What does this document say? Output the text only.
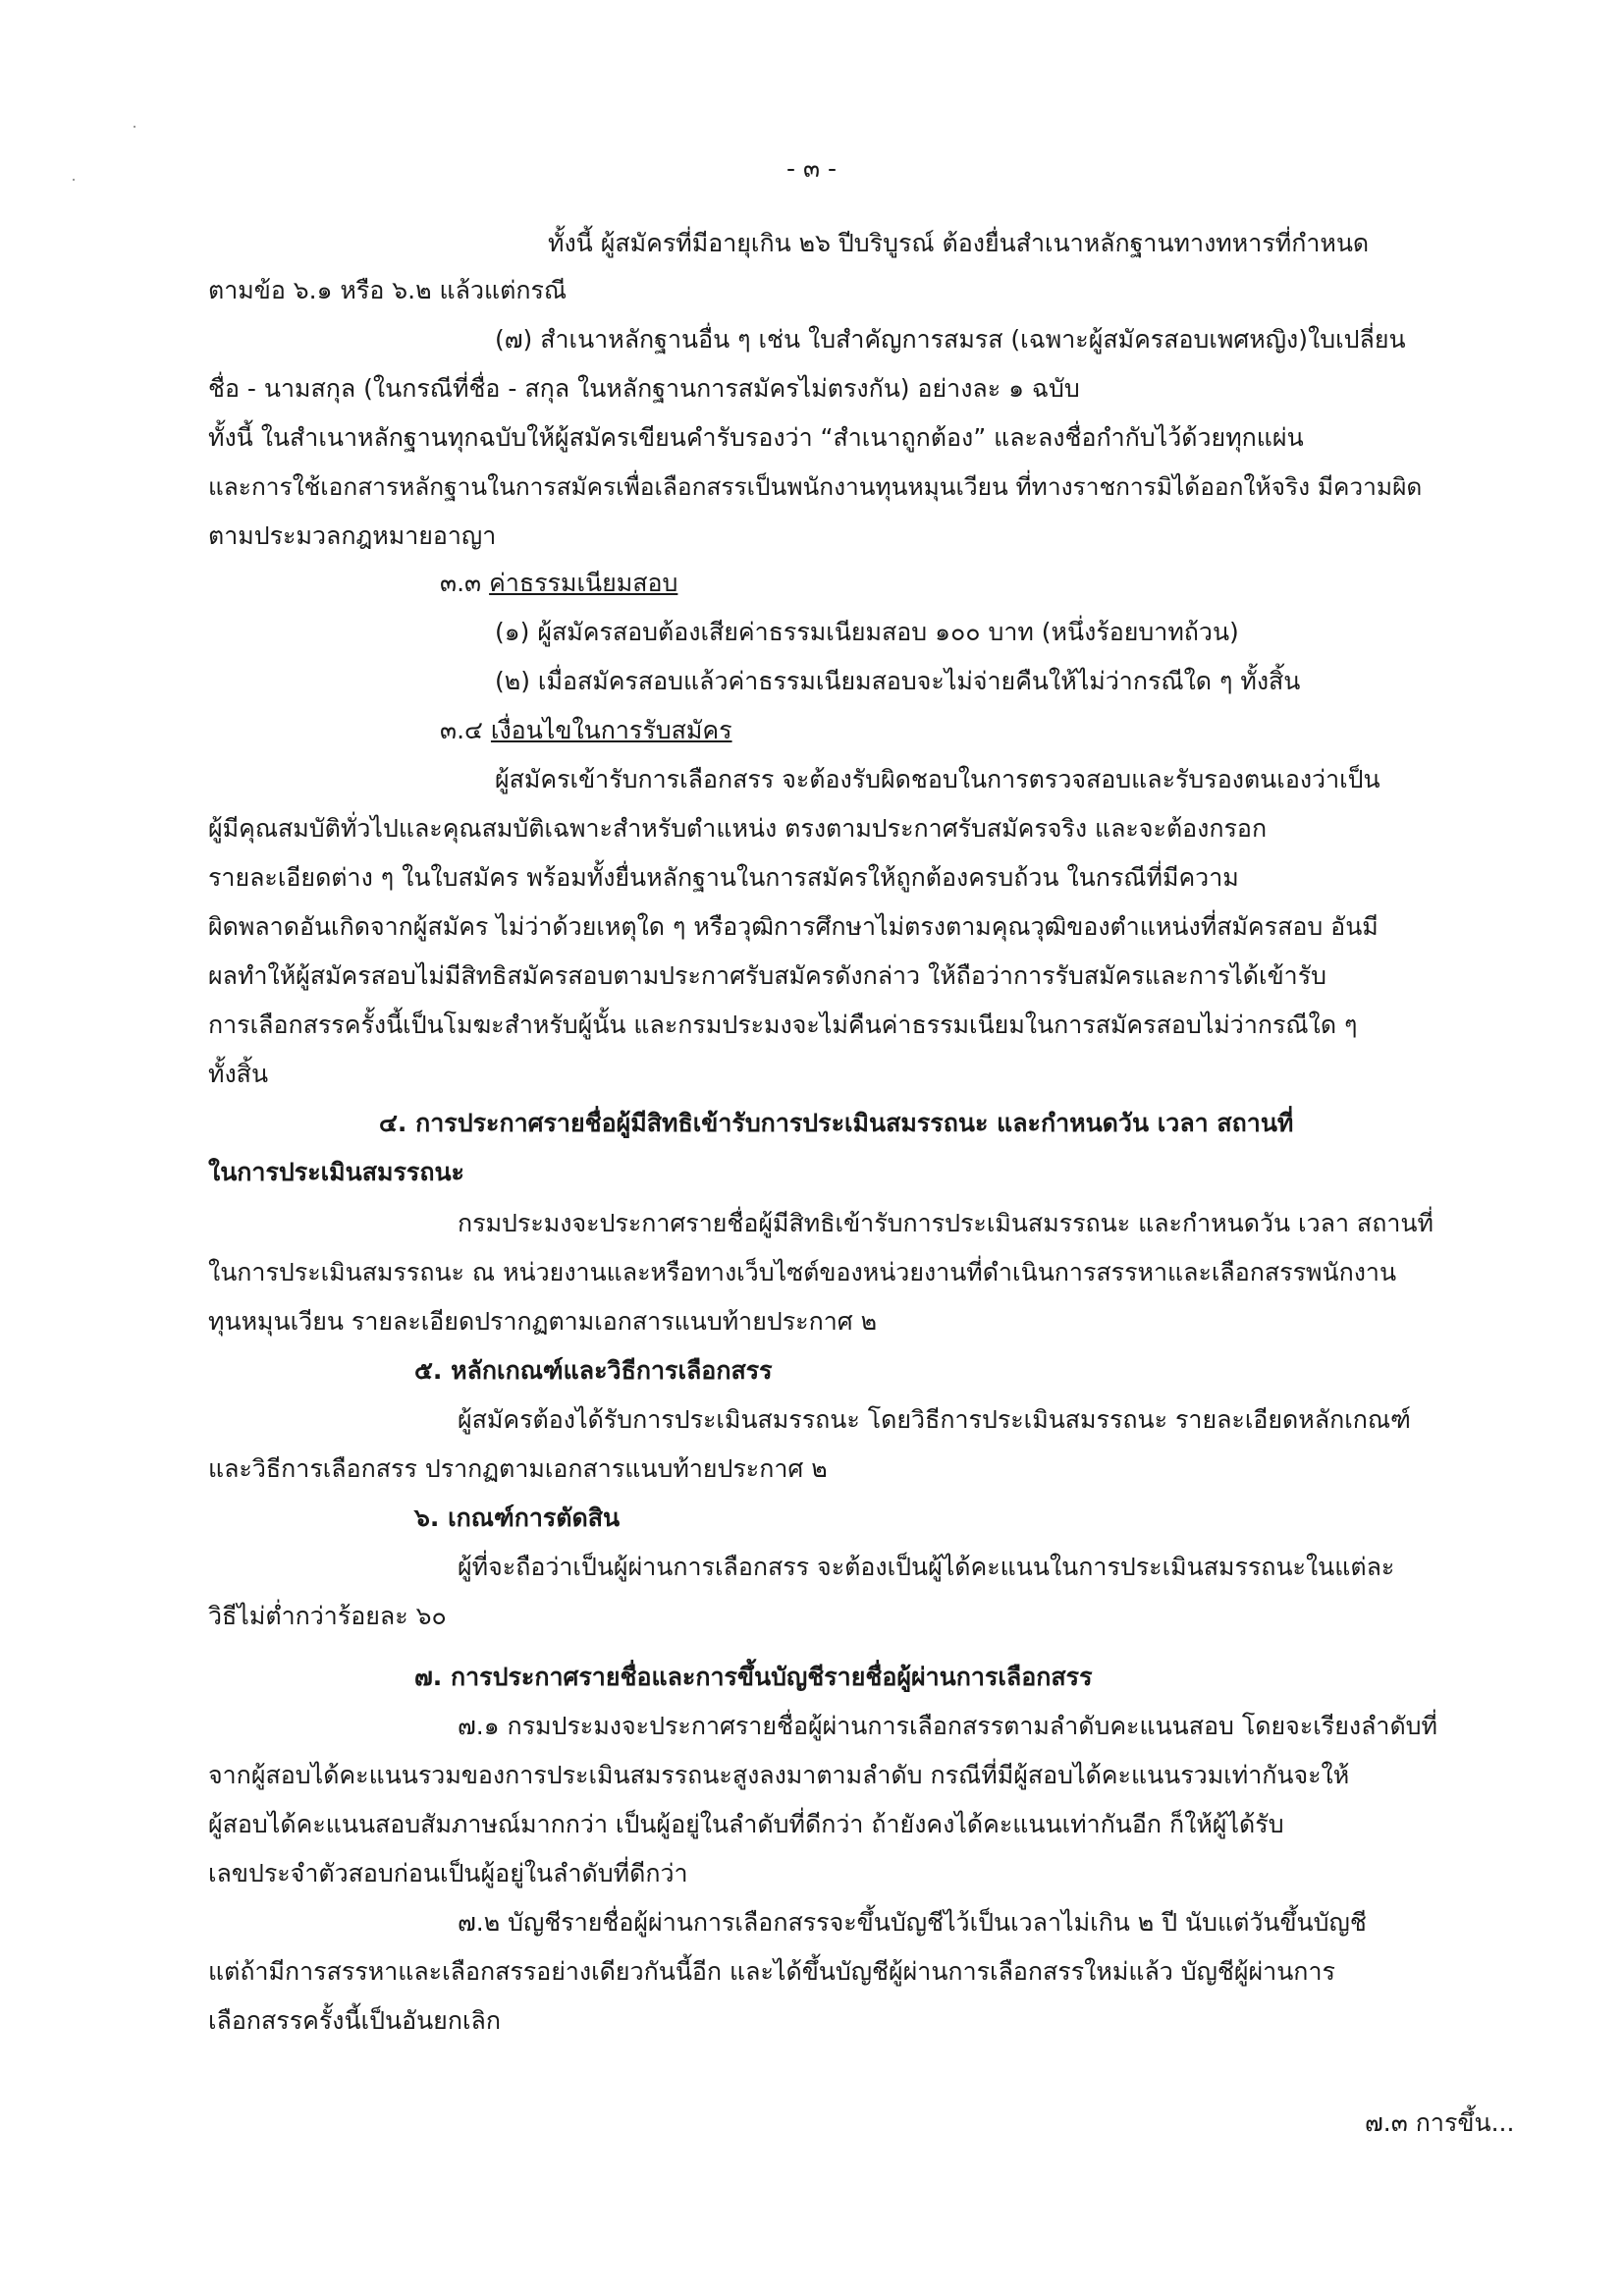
- ๓ -
ทั้งนี้ ผู้สมัครที่มีอายุเกิน ๒๖ ปีบริบูรณ์ ต้องยื่นสำเนาหลักฐานทางทหารที่กำหนด
ตามข้อ ๖.๑ หรือ ๖.๒ แล้วแต่กรณี
(๗) สำเนาหลักฐานอื่น ๆ เช่น ใบสำคัญการสมรส (เฉพาะผู้สมัครสอบเพศหญิง)ใบเปลี่ยน
ชื่อ - นามสกุล (ในกรณีที่ชื่อ - สกุล ในหลักฐานการสมัครไม่ตรงกัน) อย่างละ ๑ ฉบับ
ทั้งนี้ ในสำเนาหลักฐานทุกฉบับให้ผู้สมัครเขียนคำรับรองว่า “สำเนาถูกต้อง” และลงชื่อกำกับไว้ด้วยทุกแผ่น
และการใช้เอกสารหลักฐานในการสมัครเพื่อเลือกสรรเป็นพนักงานทุนหมุนเวียน ที่ทางราชการมิได้ออกให้จริง มีความผิด
ตามประมวลกฎหมายอาญา
๓.๓ ค่าธรรมเนียมสอบ
(๑) ผู้สมัครสอบต้องเสียค่าธรรมเนียมสอบ ๑๐๐ บาท (หนึ่งร้อยบาทถ้วน)
(๒) เมื่อสมัครสอบแล้วค่าธรรมเนียมสอบจะไม่จ่ายคืนให้ไม่ว่ากรณีใด ๆ ทั้งสิ้น
๓.๔ เงื่อนไขในการรับสมัคร
ผู้สมัครเข้ารับการเลือกสรร จะต้องรับผิดชอบในการตรวจสอบและรับรองตนเองว่าเป็น
ผู้มีคุณสมบัติทั่วไปและคุณสมบัติเฉพาะสำหรับตำแหน่ง ตรงตามประกาศรับสมัครจริง และจะต้องกรอก
รายละเอียดต่าง ๆ ในใบสมัคร พร้อมทั้งยื่นหลักฐานในการสมัครให้ถูกต้องครบถ้วน ในกรณีที่มีความ
ผิดพลาดอันเกิดจากผู้สมัคร ไม่ว่าด้วยเหตุใด ๆ หรือวุฒิการศึกษาไม่ตรงตามคุณวุฒิของตำแหน่งที่สมัครสอบ อันมี
ผลทำให้ผู้สมัครสอบไม่มีสิทธิสมัครสอบตามประกาศรับสมัครดังกล่าว ให้ถือว่าการรับสมัครและการได้เข้ารับ
การเลือกสรรครั้งนี้เป็นโมฆะสำหรับผู้นั้น และกรมประมงจะไม่คืนค่าธรรมเนียมในการสมัครสอบไม่ว่ากรณีใด ๆ
ทั้งสิ้น
๔. การประกาศรายชื่อผู้มีสิทธิเข้ารับการประเมินสมรรถนะ และกำหนดวัน เวลา สถานที่
ในการประเมินสมรรถนะ
กรมประมงจะประกาศรายชื่อผู้มีสิทธิเข้ารับการประเมินสมรรถนะ และกำหนดวัน เวลา สถานที่
ในการประเมินสมรรถนะ ณ หน่วยงานและหรือทางเว็บไซต์ของหน่วยงานที่ดำเนินการสรรหาและเลือกสรรพนักงาน
ทุนหมุนเวียน รายละเอียดปรากฏตามเอกสารแนบท้ายประกาศ ๒
๕. หลักเกณฑ์และวิธีการเลือกสรร
ผู้สมัครต้องได้รับการประเมินสมรรถนะ โดยวิธีการประเมินสมรรถนะ รายละเอียดหลักเกณฑ์
และวิธีการเลือกสรร ปรากฏตามเอกสารแนบท้ายประกาศ ๒
๖. เกณฑ์การตัดสิน
ผู้ที่จะถือว่าเป็นผู้ผ่านการเลือกสรร จะต้องเป็นผู้ได้คะแนนในการประเมินสมรรถนะในแต่ละ
วิธีไม่ต่ำกว่าร้อยละ ๖๐
๗. การประกาศรายชื่อและการขึ้นบัญชีรายชื่อผู้ผ่านการเลือกสรร
๗.๑ กรมประมงจะประกาศรายชื่อผู้ผ่านการเลือกสรรตามลำดับคะแนนสอบ โดยจะเรียงลำดับที่
จากผู้สอบได้คะแนนรวมของการประเมินสมรรถนะสูงลงมาตามลำดับ กรณีที่มีผู้สอบได้คะแนนรวมเท่ากันจะให้
ผู้สอบได้คะแนนสอบสัมภาษณ์มากกว่า เป็นผู้อยู่ในลำดับที่ดีกว่า ถ้ายังคงได้คะแนนเท่ากันอีก ก็ให้ผู้ได้รับ
เลขประจำตัวสอบก่อนเป็นผู้อยู่ในลำดับที่ดีกว่า
๗.๒ บัญชีรายชื่อผู้ผ่านการเลือกสรรจะขึ้นบัญชีไว้เป็นเวลาไม่เกิน ๒ ปี นับแต่วันขึ้นบัญชี
แต่ถ้ามีการสรรหาและเลือกสรรอย่างเดียวกันนี้อีก และได้ขึ้นบัญชีผู้ผ่านการเลือกสรรใหม่แล้ว บัญชีผู้ผ่านการ
เลือกสรรครั้งนี้เป็นอันยกเลิก
๗.๓ การขึ้น...
